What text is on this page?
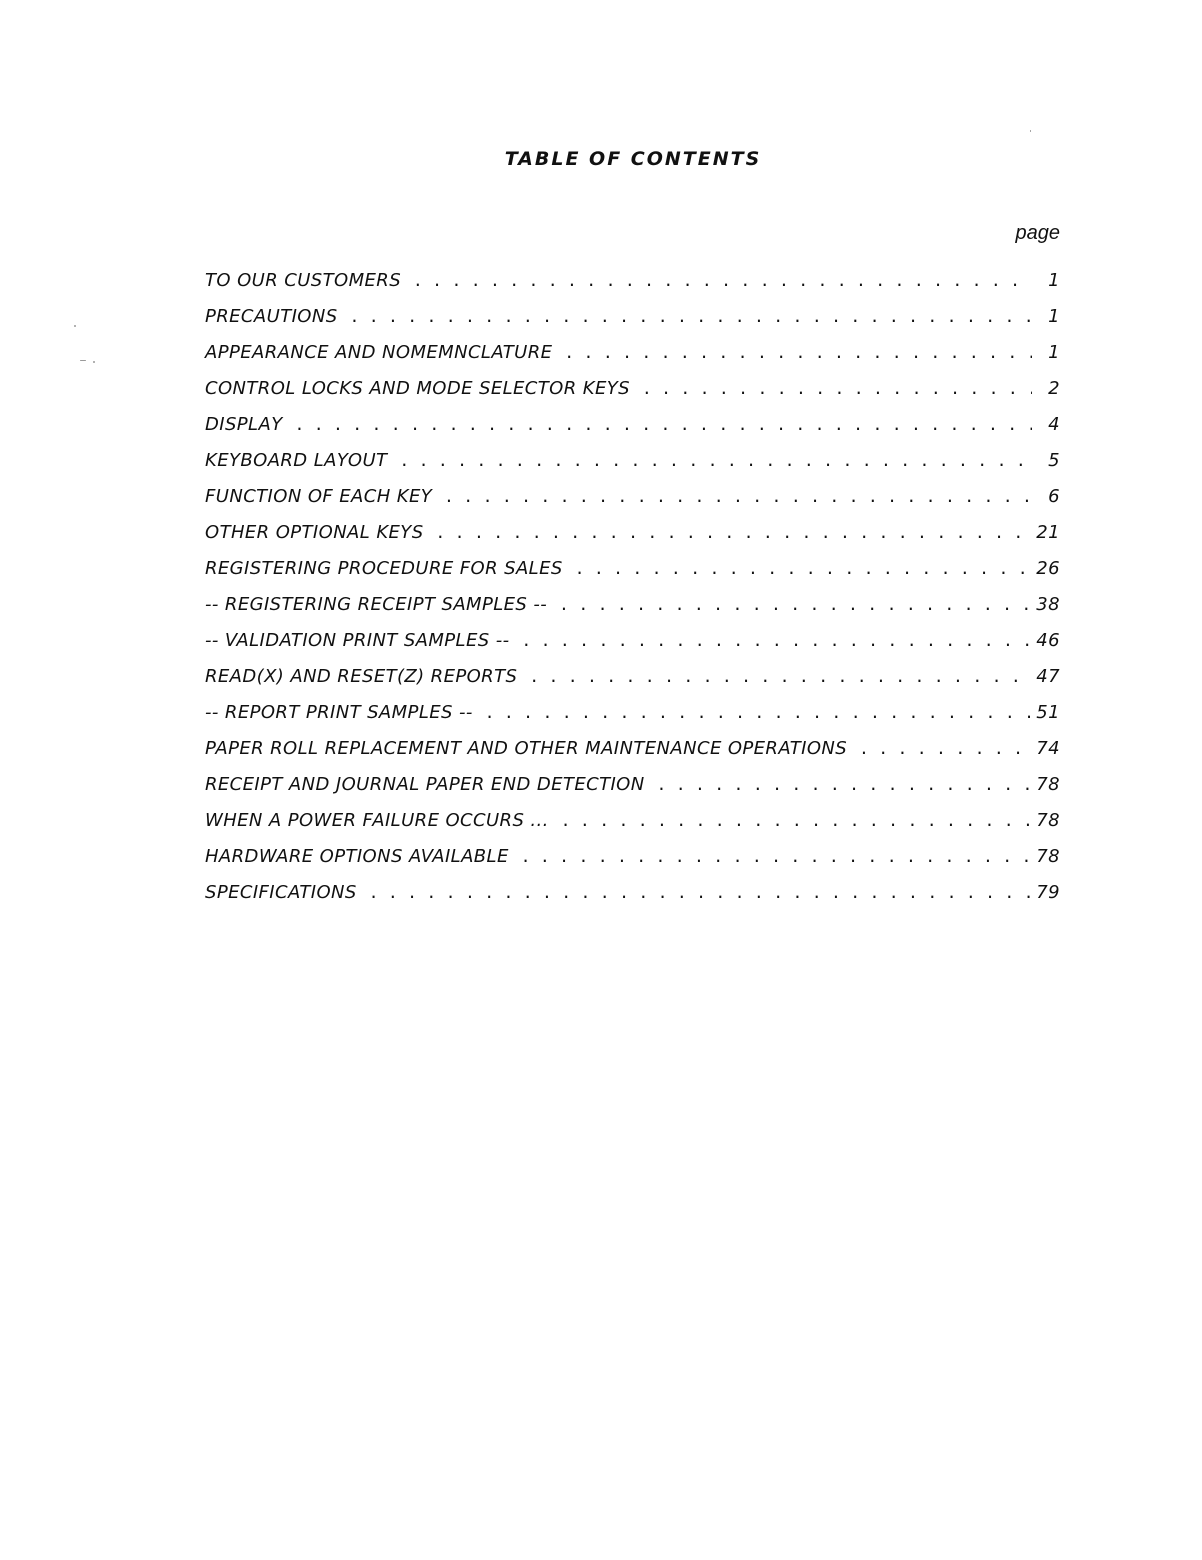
TABLE OF CONTENTS
page
TO OUR CUSTOMERS . . .	1
PRECAUTIONS . . .	1
APPEARANCE AND NOMEMNCLATURE . . .	1
CONTROL LOCKS AND MODE SELECTOR KEYS . . .	2
DISPLAY . . .	4
KEYBOARD LAYOUT . . .	5
FUNCTION OF EACH KEY . . .	6
OTHER OPTIONAL KEYS . . .	21
REGISTERING PROCEDURE FOR SALES . . .	26
-- REGISTERING RECEIPT SAMPLES -- . . .	38
-- VALIDATION PRINT SAMPLES -- . . .	46
READ(X) AND RESET(Z) REPORTS . . .	47
-- REPORT PRINT SAMPLES -- . . .	51
PAPER ROLL REPLACEMENT AND OTHER MAINTENANCE OPERATIONS . . .	74
RECEIPT AND JOURNAL PAPER END DETECTION . . .	78
WHEN A POWER FAILURE OCCURS ... . . .	78
HARDWARE OPTIONS AVAILABLE . . .	78
SPECIFICATIONS . . .	79
